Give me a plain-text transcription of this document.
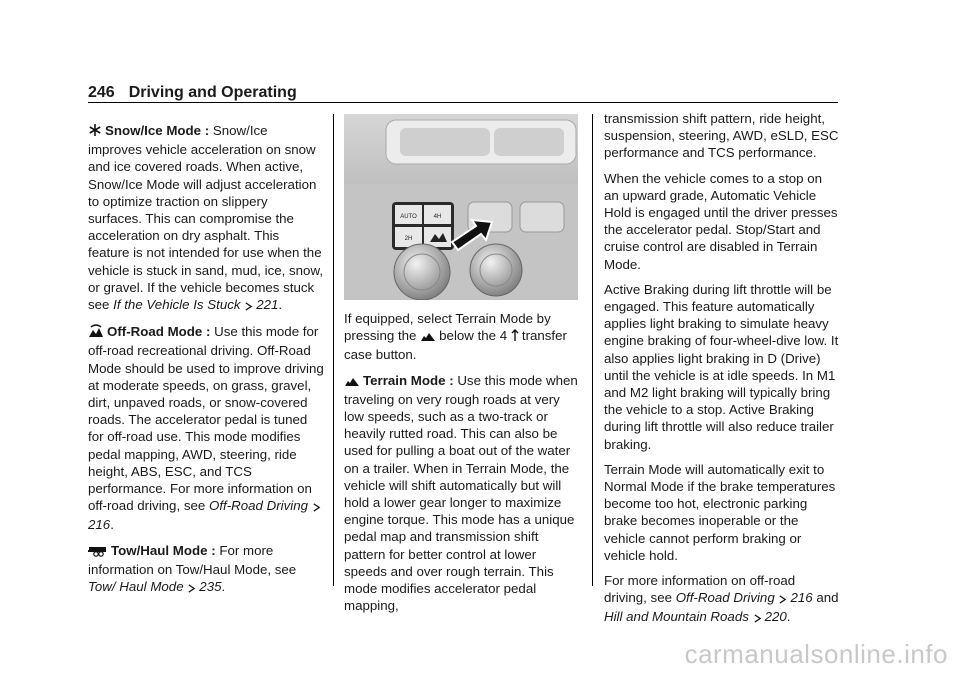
246 Driving and Operating

Snow/Ice Mode : Snow/Ice improves vehicle acceleration on snow and ice covered roads. When active, Snow/Ice Mode will adjust acceleration to optimize traction on slippery surfaces. This can compromise the acceleration on dry asphalt. This feature is not intended for use when the vehicle is stuck in sand, mud, ice, snow, or gravel. If the vehicle becomes stuck see If the Vehicle Is Stuck 221.

Off-Road Mode : Use this mode for off-road recreational driving. Off-Road Mode should be used to improve driving at moderate speeds, on grass, gravel, dirt, unpaved roads, or snow-covered roads. The accelerator pedal is tuned for off-road use. This mode modifies pedal mapping, AWD, steering, ride height, ABS, ESC, and TCS performance. For more information on off-road driving, see Off-Road Driving 216.

Tow/Haul Mode : For more information on Tow/Haul Mode, see Tow/ Haul Mode 235.

AUTO	4H
2H

If equipped, select Terrain Mode by pressing the below the 4 transfer case button.

Terrain Mode : Use this mode when traveling on very rough roads at very low speeds, such as a two-track or heavily rutted road. This can also be used for pulling a boat out of the water on a trailer. When in Terrain Mode, the vehicle will shift automatically but will hold a lower gear longer to maximize engine torque. This mode has a unique pedal map and transmission shift pattern for better control at lower speeds and over rough terrain. This mode modifies accelerator pedal mapping,

transmission shift pattern, ride height, suspension, steering, AWD, eSLD, ESC performance and TCS performance.

When the vehicle comes to a stop on an upward grade, Automatic Vehicle Hold is engaged until the driver presses the accelerator pedal. Stop/Start and cruise control are disabled in Terrain Mode.

Active Braking during lift throttle will be engaged. This feature automatically applies light braking to simulate heavy engine braking of four-wheel-dive low. It also applies light braking in D (Drive) until the vehicle is at idle speeds. In M1 and M2 light braking will typically bring the vehicle to a stop. Active Braking during lift throttle will also reduce trailer braking.

Terrain Mode will automatically exit to Normal Mode if the brake temperatures become too hot, electronic parking brake becomes inoperable or the vehicle cannot perform braking or vehicle hold.

For more information on off-road driving, see Off-Road Driving 216 and Hill and Mountain Roads 220.

carmanualsonline.info
